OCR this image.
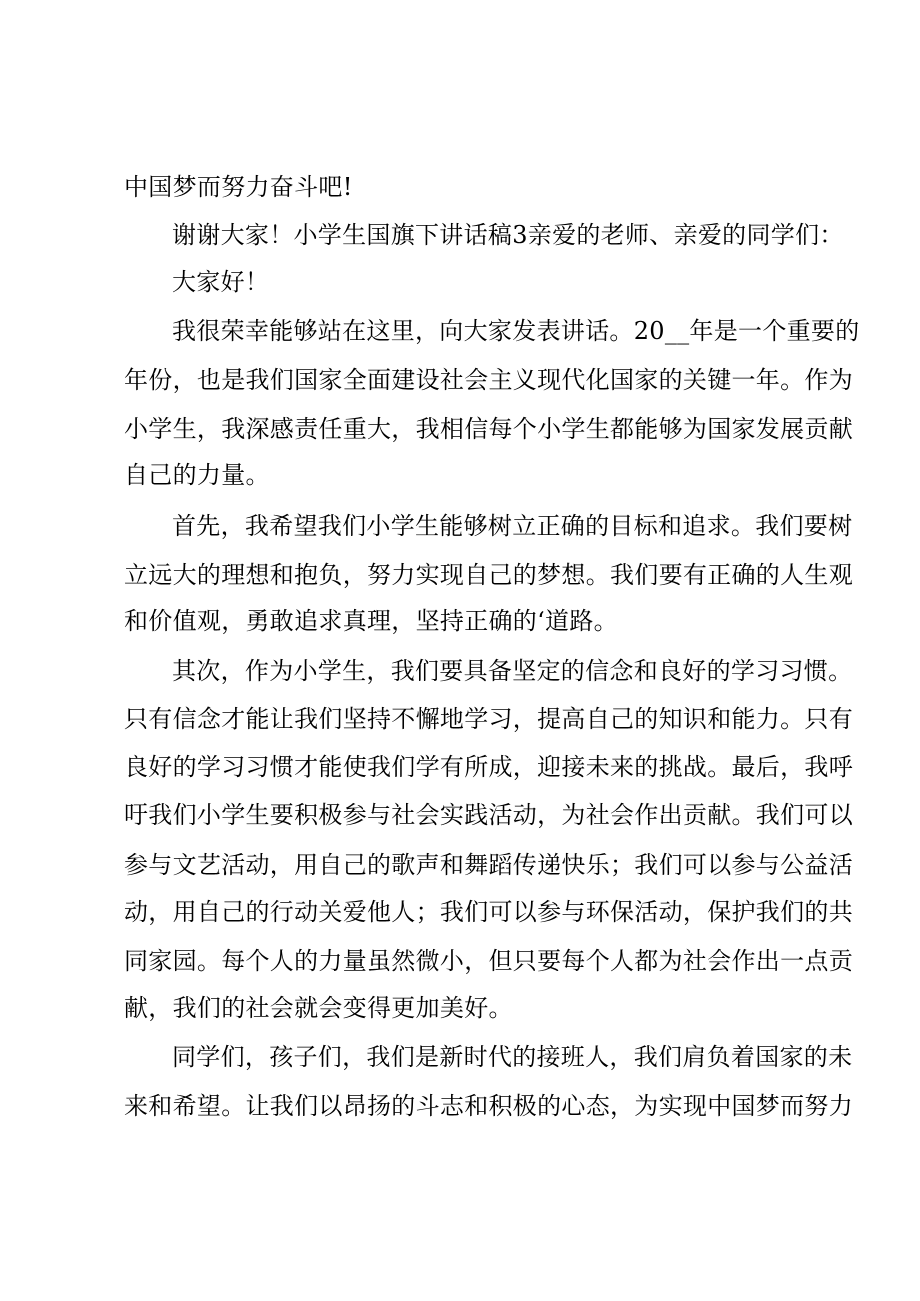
中国梦而努力奋斗吧!
谢谢大家！小学生国旗下讲话稿3亲爱的老师、亲爱的同学们：
大家好！
我很荣幸能够站在这里，向大家发表讲话。20__年是一个重要的
年份，也是我们国家全面建设社会主义现代化国家的关键一年。作为
小学生，我深感责任重大，我相信每个小学生都能够为国家发展贡献
自己的力量。
首先，我希望我们小学生能够树立正确的目标和追求。我们要树
立远大的理想和抱负，努力实现自己的梦想。我们要有正确的人生观
和价值观，勇敢追求真理，坚持正确的‘道路。
其次，作为小学生，我们要具备坚定的信念和良好的学习习惯。
只有信念才能让我们坚持不懈地学习，提高自己的知识和能力。只有
良好的学习习惯才能使我们学有所成，迎接未来的挑战。最后，我呼
吁我们小学生要积极参与社会实践活动，为社会作出贡献。我们可以
参与文艺活动，用自己的歌声和舞蹈传递快乐；我们可以参与公益活
动，用自己的行动关爱他人；我们可以参与环保活动，保护我们的共
同家园。每个人的力量虽然微小，但只要每个人都为社会作出一点贡
献，我们的社会就会变得更加美好。
同学们，孩子们，我们是新时代的接班人，我们肩负着国家的未
来和希望。让我们以昂扬的斗志和积极的心态，为实现中国梦而努力
